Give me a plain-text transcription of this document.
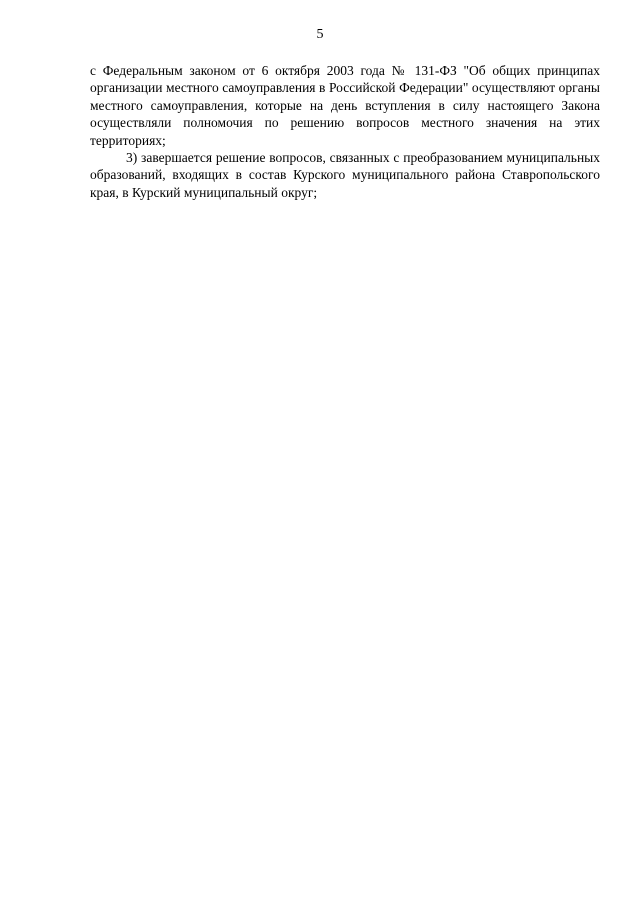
5

с Федеральным законом от 6 октября 2003 года № 131-ФЗ "Об общих принципах организации местного самоуправления в Российской Федерации" осуществляют органы местного самоуправления, которые на день вступления в силу настоящего Закона осуществляли полномочия по решению вопросов местного значения на этих территориях;

3) завершается решение вопросов, связанных с преобразованием муниципальных образований, входящих в состав Курского муниципального района Ставропольского края, в Курский муниципальный округ;
